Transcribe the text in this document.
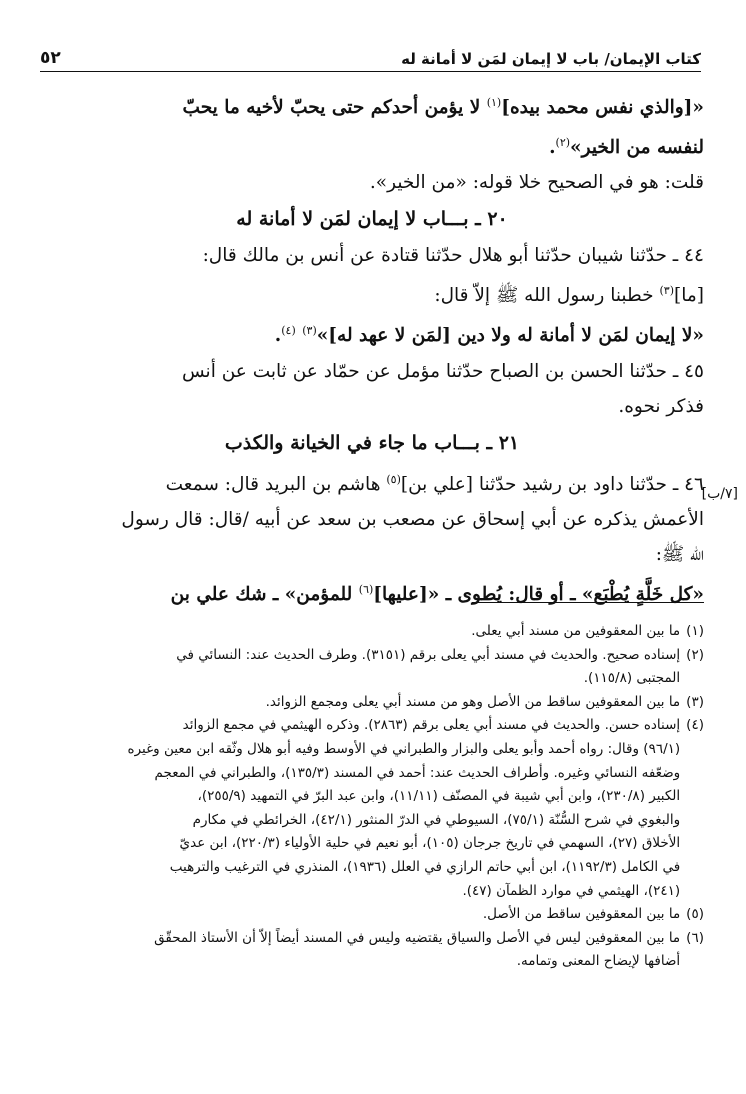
كتاب الإيمان/ باب لا إيمان لمَن لا أمانة له
٥٢
«[والذي نفس محمد بيده]$^{(١)}$ لا يؤمن أحدكم حتى يحبّ لأخيه ما يحبّ
لنفسه من الخير»$^{(٢)}$.
قلت: هو في الصحيح خلا قوله: «من الخير».
٢٠ ـ بـــاب لا إيمان لمَن لا أمانة له
٤٤ ـ حدّثنا شيبان حدّثنا أبو هلال حدّثنا قتادة عن أنس بن مالك قال:
[ما]$^{(٣)}$ خطبنا رسول الله ﷺ إلاّ قال:
«لا إيمان لمَن لا أمانة له ولا دين [لمَن لا عهد له]»$^{(٣)}$ $^{(٤)}$.
٤٥ ـ حدّثنا الحسن بن الصباح حدّثنا مؤمل عن حمّاد عن ثابت عن أنس
فذكر نحوه.
٢١ ـ بـــاب ما جاء في الخيانة والكذب
٤٦ ـ حدّثنا داود بن رشيد حدّثنا [علي بن]$^{(٥)}$ هاشم بن البريد قال: سمعت
الأعمش يذكره عن أبي إسحاق عن مصعب بن سعد عن أبيه /قال: قال رسول
الله ﷺ:
«كل خَلَّةٍ يُطْبَع» ـ أو قال: يُطوى ـ «[عليها]$^{(٦)}$ للمؤمن» ـ شك علي بن
[٧/ب]
(١)
ما بين المعقوفين من مسند أبي يعلى.
(٢)
إسناده صحيح. والحديث في مسند أبي يعلى برقم (٣١٥١). وطرف الحديث عند: النسائي في
المجتبى (١١٥/٨).
(٣)
ما بين المعقوفين ساقط من الأصل وهو من مسند أبي يعلى ومجمع الزوائد.
(٤)
إسناده حسن. والحديث في مسند أبي يعلى برقم (٢٨٦٣). وذكره الهيثمي في مجمع الزوائد
(٩٦/١) وقال: رواه أحمد وأبو يعلى والبزار والطبراني في الأوسط وفيه أبو هلال وثّقه ابن معين وغيره
وضعّفه النسائي وغيره. وأطراف الحديث عند: أحمد في المسند (١٣٥/٣)، والطبراني في المعجم
الكبير (٢٣٠/٨)، وابن أبي شيبة في المصنّف (١١/١١)، وابن عبد البرّ في التمهيد (٢٥٥/٩)،
والبغوي في شرح السُّنّة (٧٥/١)، السيوطي في الدرّ المنثور (٤٢/١)، الخرائطي في مكارم
الأخلاق (٢٧)، السهمي في تاريخ جرجان (١٠٥)، أبو نعيم في حلية الأولياء (٢٢٠/٣)، ابن عديّ
في الكامل (١١٩٢/٣)، ابن أبي حاتم الرازي في العلل (١٩٣٦)، المنذري في الترغيب والترهيب
(٢٤١)، الهيثمي في موارد الظمآن (٤٧).
(٥)
ما بين المعقوفين ساقط من الأصل.
(٦)
ما بين المعقوفين ليس في الأصل والسياق يقتضيه وليس في المسند أيضاً إلاّ أن الأستاذ المحقّق
أضافها لإيضاح المعنى وتمامه.
